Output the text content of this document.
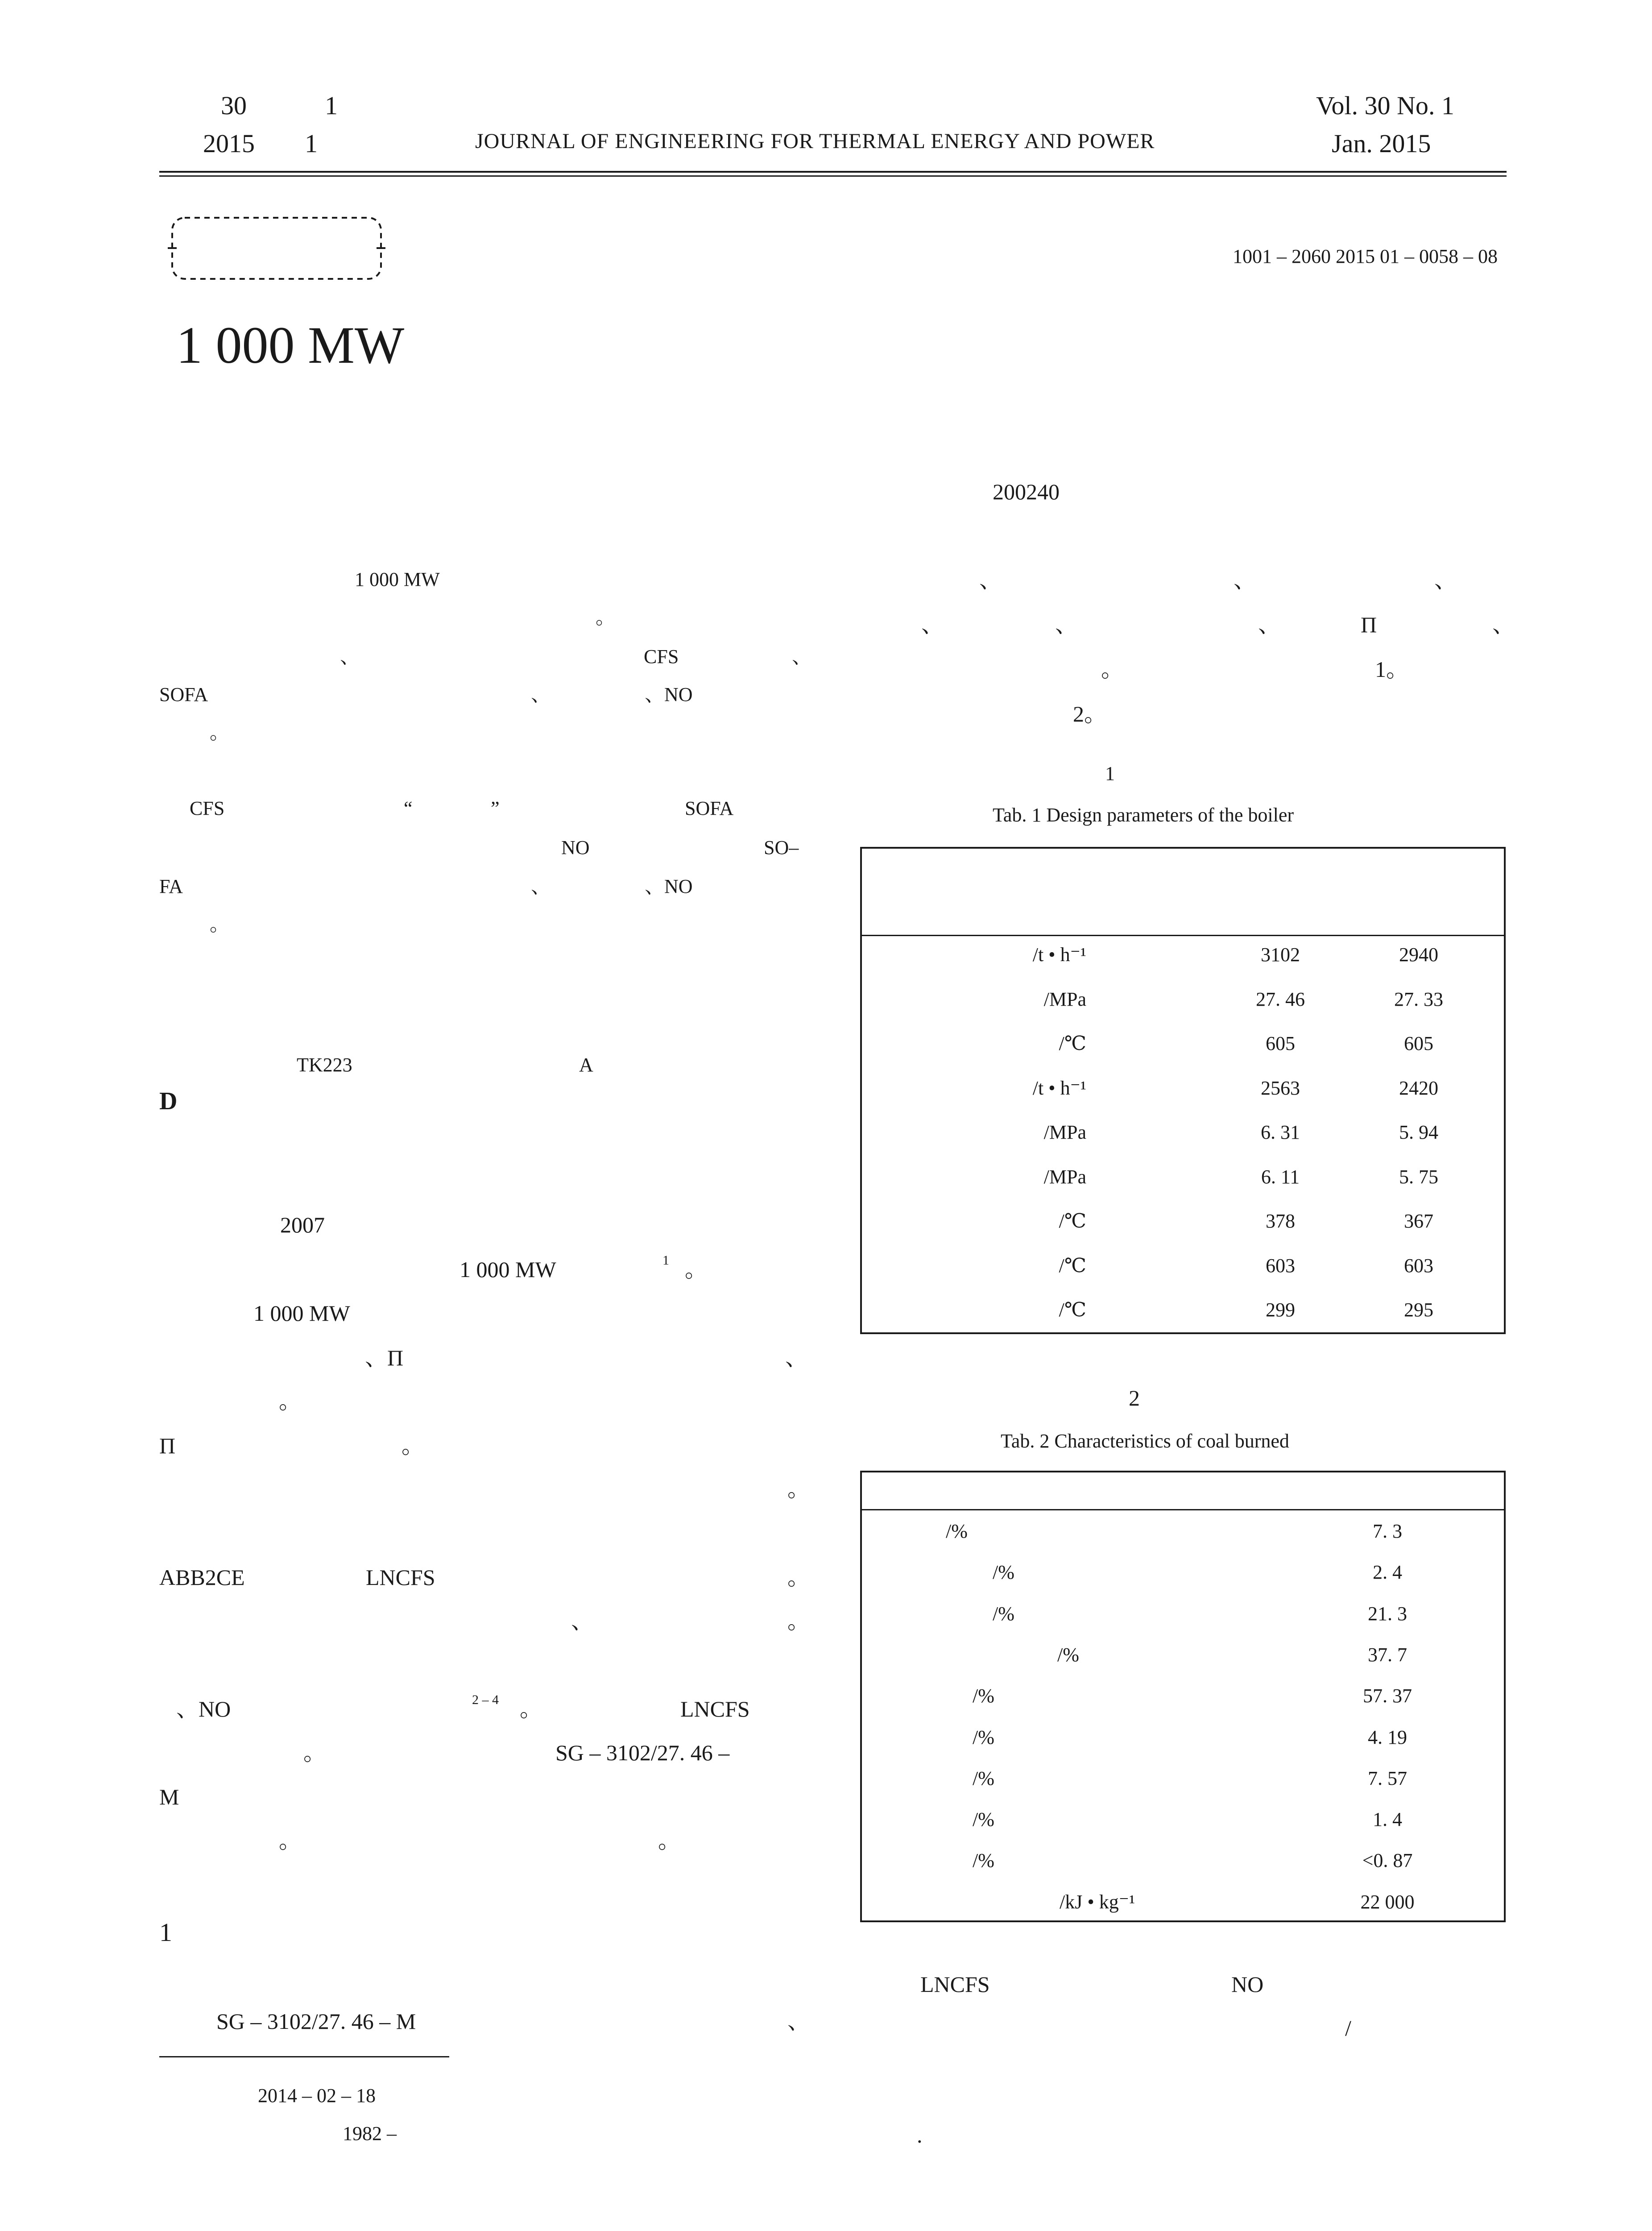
30	1
2015 1	JOURNAL OF ENGINEERING FOR THERMAL ENERGY AND POWER
Vol. 30 No. 1
Jan. 2015
1001 – 2060 2015 01 – 0058 – 08
1 000 MW
200240
1 000 MW
。
、	CFS	、
SOFA	、	、NO
。
CFS	“	”	SOFA
NO	SO–
FA	、	、NO
。
TK223	A
D
2007
1 000 MW	1 。
1 000 MW
、Π	、
。
Π	。
。
ABB2CE	LNCFS	。
、	。
、NO	2 – 4 。	LNCFS
。	SG – 3102/27. 46 –
M
。	。
1
SG – 3102/27. 46 – M	、
2014 – 02 – 18
1982 –
、	、	、
、	、	、	Π	、
。	1。
2。
1
Tab. 1 Design parameters of the boiler
/t • h⁻¹	3102	2940
/MPa	27. 46	27. 33
/℃	605	605
/t • h⁻¹	2563	2420
/MPa	6. 31	5. 94
/MPa	6. 11	5. 75
/℃	378	367
/℃	603	603
/℃	299	295
2
Tab. 2 Characteristics of coal burned
/%	7. 3
/%	2. 4
/%	21. 3
/%	37. 7
/%	57. 37
/%	4. 19
/%	7. 57
/%	1. 4
/%	<0. 87
/kJ • kg⁻¹	22 000
LNCFS	NO
/
.
